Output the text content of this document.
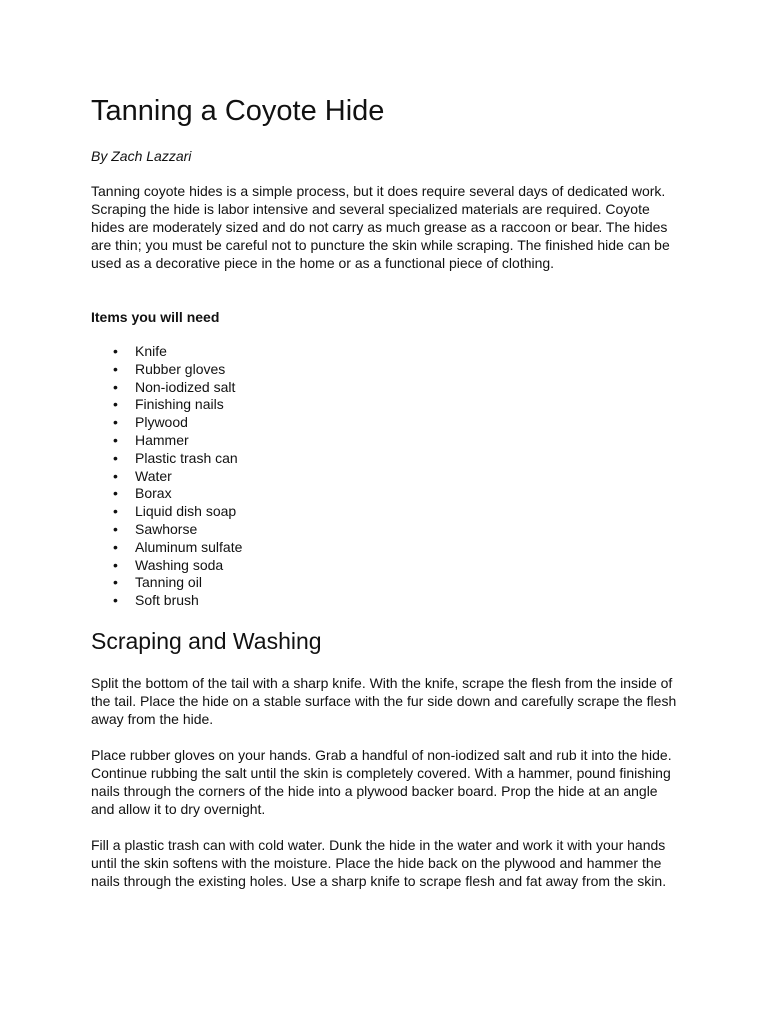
Tanning a Coyote Hide

By Zach Lazzari

Tanning coyote hides is a simple process, but it does require several days of dedicated work. Scraping the hide is labor intensive and several specialized materials are required. Coyote hides are moderately sized and do not carry as much grease as a raccoon or bear. The hides are thin; you must be careful not to puncture the skin while scraping. The finished hide can be used as a decorative piece in the home or as a functional piece of clothing.

Items you will need

• Knife
• Rubber gloves
• Non-iodized salt
• Finishing nails
• Plywood
• Hammer
• Plastic trash can
• Water
• Borax
• Liquid dish soap
• Sawhorse
• Aluminum sulfate
• Washing soda
• Tanning oil
• Soft brush
Scraping and Washing

Split the bottom of the tail with a sharp knife. With the knife, scrape the flesh from the inside of the tail. Place the hide on a stable surface with the fur side down and carefully scrape the flesh away from the hide.

Place rubber gloves on your hands. Grab a handful of non-iodized salt and rub it into the hide. Continue rubbing the salt until the skin is completely covered. With a hammer, pound finishing nails through the corners of the hide into a plywood backer board. Prop the hide at an angle and allow it to dry overnight.

Fill a plastic trash can with cold water. Dunk the hide in the water and work it with your hands until the skin softens with the moisture. Place the hide back on the plywood and hammer the nails through the existing holes. Use a sharp knife to scrape flesh and fat away from the skin.
